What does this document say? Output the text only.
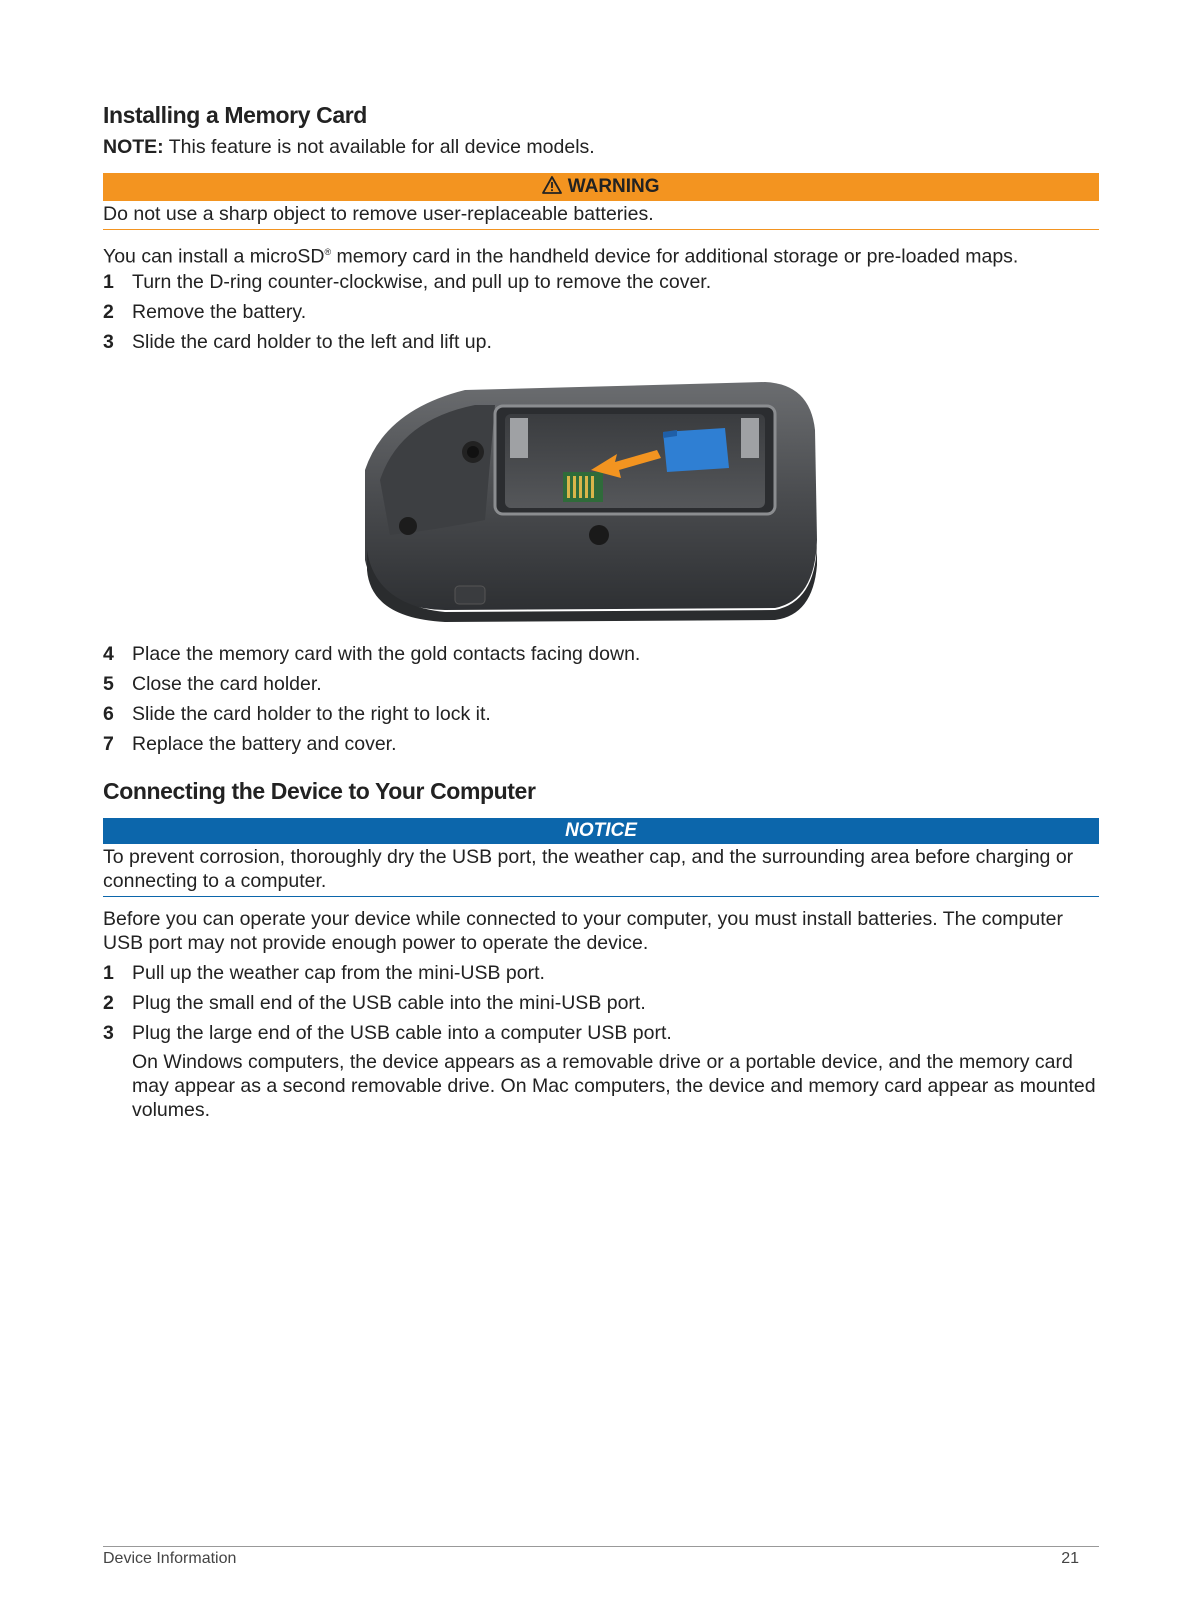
Installing a Memory Card
NOTE: This feature is not available for all device models.
WARNING
Do not use a sharp object to remove user-replaceable batteries.
You can install a microSD® memory card in the handheld device for additional storage or pre-loaded maps.
1 Turn the D-ring counter-clockwise, and pull up to remove the cover.
2 Remove the battery.
3 Slide the card holder to the left and lift up.
4 Place the memory card with the gold contacts facing down.
5 Close the card holder.
6 Slide the card holder to the right to lock it.
7 Replace the battery and cover.
Connecting the Device to Your Computer
NOTICE
To prevent corrosion, thoroughly dry the USB port, the weather cap, and the surrounding area before charging or connecting to a computer.
Before you can operate your device while connected to your computer, you must install batteries. The computer USB port may not provide enough power to operate the device.
1 Pull up the weather cap from the mini-USB port.
2 Plug the small end of the USB cable into the mini-USB port.
3 Plug the large end of the USB cable into a computer USB port.
On Windows computers, the device appears as a removable drive or a portable device, and the memory card may appear as a second removable drive. On Mac computers, the device and memory card appear as mounted volumes.
Device Information	21
